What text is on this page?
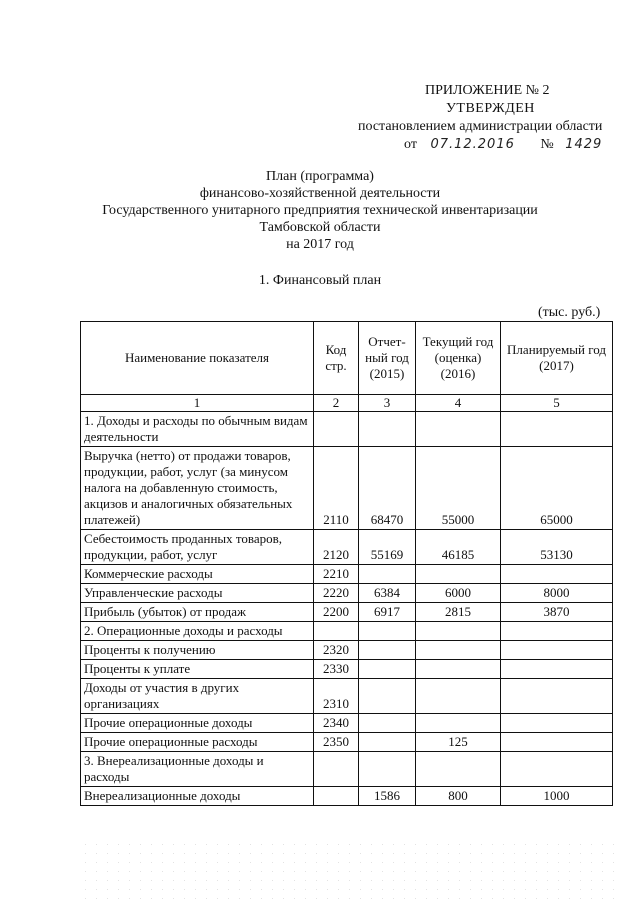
ПРИЛОЖЕНИЕ № 2
УТВЕРЖДЕН
постановлением администрации области
от 07.12.2016 № 1429
План (программа)
финансово-хозяйственной деятельности
Государственного унитарного предприятия технической инвентаризации
Тамбовской области
на 2017 год
1. Финансовый план
(тыс. руб.)
Наименование показателя	Код стр.	Отчет-ный год (2015)	Текущий год (оценка) (2016)	Планируемый год (2017)
1	2	3	4	5
1. Доходы и расходы по обычным видам деятельности				
Выручка (нетто) от продажи товаров, продукции, работ, услуг (за минусом налога на добавленную стоимость, акцизов и аналогичных обязательных платежей)	2110	68470	55000	65000
Себестоимость проданных товаров, продукции, работ, услуг	2120	55169	46185	53130
Коммерческие расходы	2210			
Управленческие расходы	2220	6384	6000	8000
Прибыль (убыток) от продаж	2200	6917	2815	3870
2. Операционные доходы и расходы				
Проценты к получению	2320			
Проценты к уплате	2330			
Доходы от участия в других организациях	2310			
Прочие операционные доходы	2340			
Прочие операционные расходы	2350		125	
3. Внереализационные доходы и расходы				
Внереализационные доходы		1586	800	1000
